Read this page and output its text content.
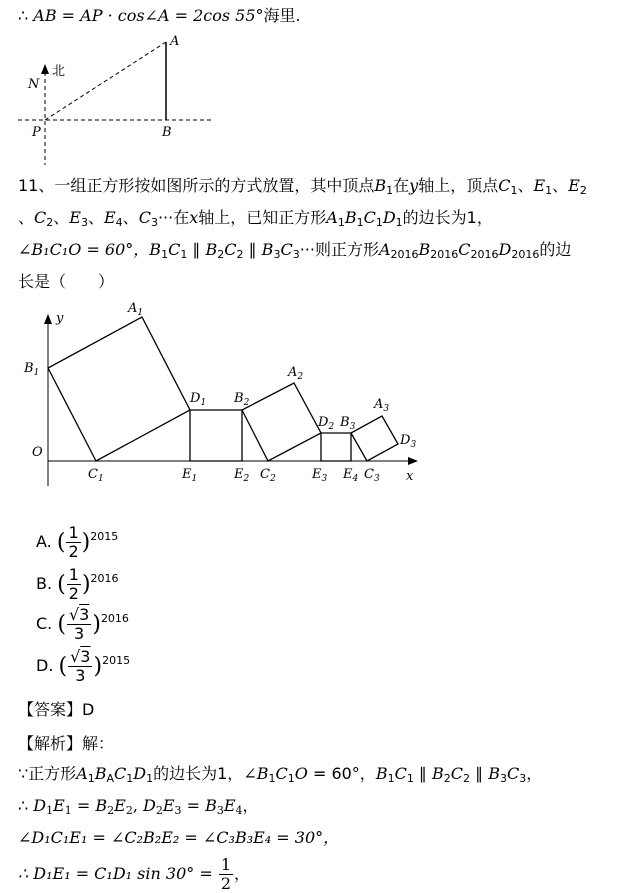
∴ AB = AP · cos∠A = 2cos 55°海里.
A
B
P
N
北
11、一组正方形按如图所示的方式放置，其中顶点$B_1$在y轴上，顶点$C_1$、$E_1$、$E_2$
、$C_2$、$E_3$、$E_4$、$C_3\cdot\cdot\cdot$在x轴上，已知正方形$A_1B_1C_1D_1$的边长为1，
∠B₁C₁O = 60°，$B_1C_1$ ∥ $B_2C_2$ ∥ $B_3C_3\cdot\cdot\cdot$则正方形$A_{2016}B_{2016}C_{2016}D_{2016}$的边
长是（　　）
y
x
O
$A_1$
$B_1$
$C_1$
$D_1$
$E_1$
$B_2$
$E_2$ $C_2$
$A_2$
$D_2$ $B_3$
$A_3$
$D_3$
$E_3$ $E_4$ $C_3$
A. ( $\frac{1}{2} )^{2015}$
B. ( $\frac{1}{2} )^{2016}$
C. ( $\frac{√3}{3} )^{2016}$
D. ( $\frac{√3}{3} )^{2015}$
【答案】D
【解析】解：
∵正方形$A_1B_AC_1D_1$的边长为1，$\angle B_1C_1O = 60^\circ$，$B_1C_1$ ∥ $B_2C_2$ ∥ $B_3C_3$，
∴ $D_1E_1 = B_2E_2$, $D_2E_3 = B_3E_4$，
∠D₁C₁E₁ = ∠C₂B₂E₂ = ∠C₃B₃E₄ = 30°，
∴ D₁E₁ = C₁D₁ $\sin 30^\circ = \frac{1}{2}$ ，
